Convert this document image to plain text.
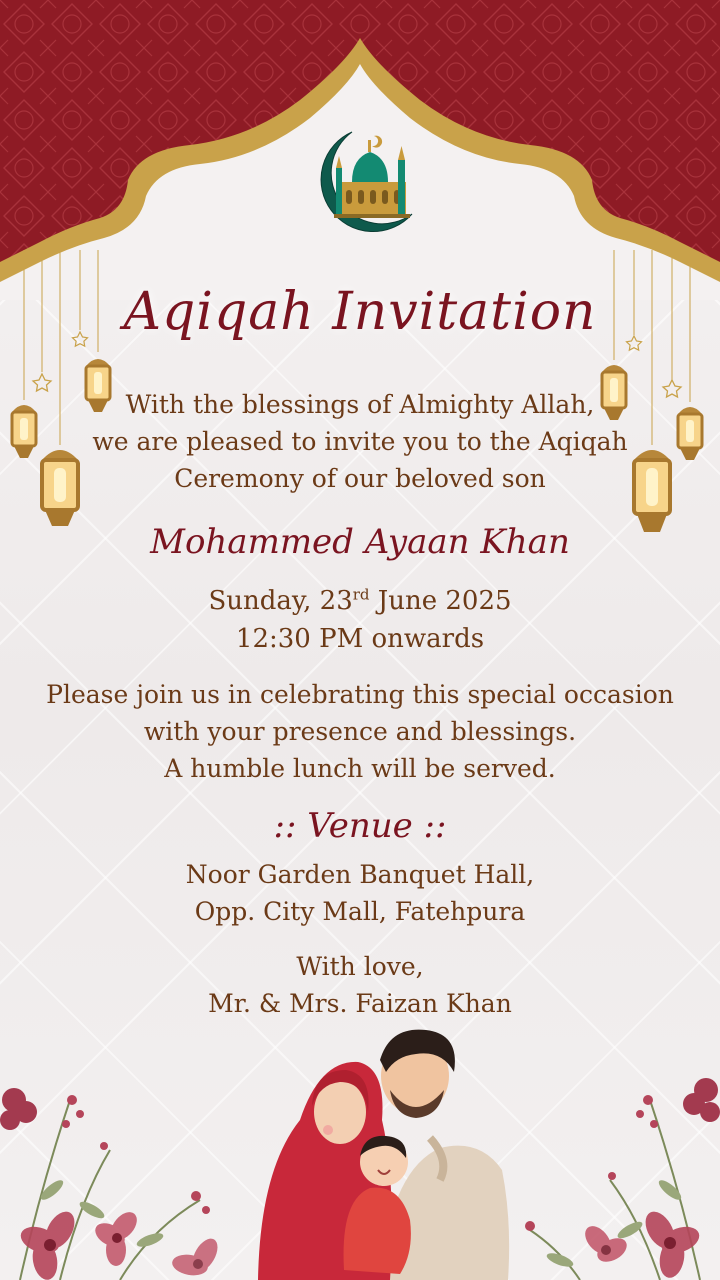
Aqiqah Invitation
With the blessings of Almighty Allah,
we are pleased to invite you to the Aqiqah
Ceremony of our beloved son
Mohammed Ayaan Khan
Sunday, 23rd June 2025
12:30 PM onwards
Please join us in celebrating this special occasion
with your presence and blessings.
A humble lunch will be served.
:: Venue ::
Noor Garden Banquet Hall,
Opp. City Mall, Fatehpura
With love,
Mr. & Mrs. Faizan Khan
